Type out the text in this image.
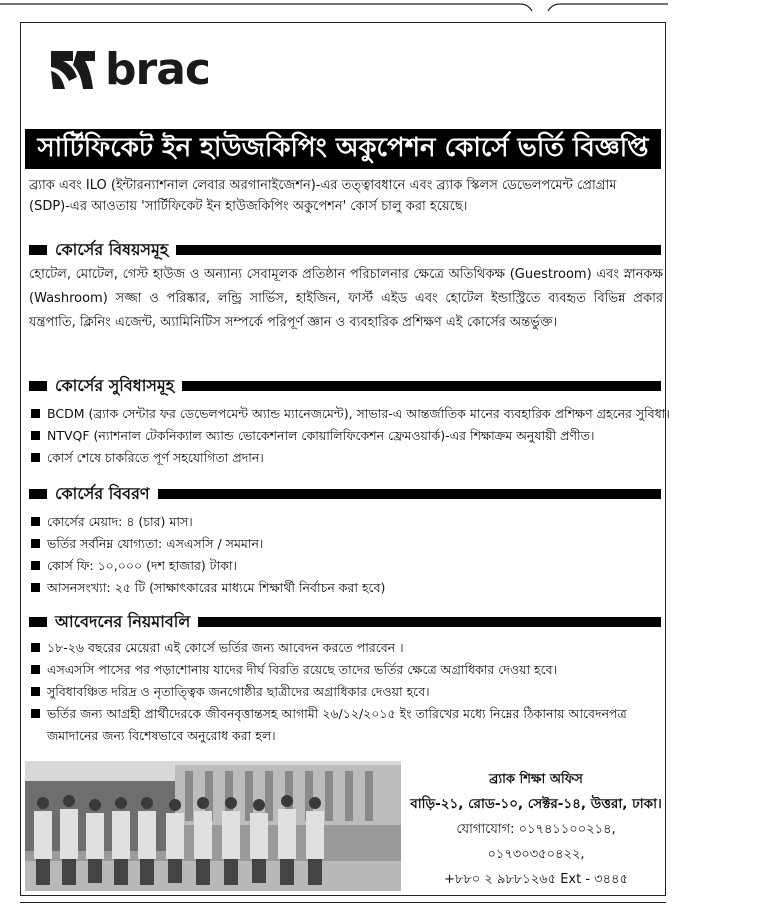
brac
সার্টিফিকেট ইন হাউজকিপিং অকুপেশন কোর্সে ভর্তি বিজ্ঞপ্তি
ব্র্যাক এবং ILO (ইন্টারন্যাশনাল লেবার অরগানাইজেশন)-এর তত্ত্বাবধানে এবং ব্র্যাক স্কিলস ডেভেলপমেন্ট প্রোগ্রাম (SDP)-এর আওতায় 'সার্টিফিকেট ইন হাউজকিপিং অকুপেশন' কোর্স চালু করা হয়েছে।
কোর্সের বিষয়সমূহ
হোটেল, মোটেল, গেস্ট হাউজ ও অন্যান্য সেবামূলক প্রতিষ্ঠান পরিচালনার ক্ষেত্রে অতিথিকক্ষ (Guestroom) এবং স্নানকক্ষ (Washroom) সজ্জা ও পরিষ্কার, লন্ড্রি সার্ভিস, হাইজিন, ফার্স্ট এইড এবং হোটেল ইন্ডাস্ট্রিতে ব্যবহৃত বিভিন্ন প্রকার যন্ত্রপাতি, ক্লিনিং এজেন্ট, অ্যামিনিটিস সম্পর্কে পরিপূর্ণ জ্ঞান ও ব্যবহারিক প্রশিক্ষণ এই কোর্সের অন্তর্ভুক্ত।
কোর্সের সুবিধাসমূহ
BCDM (ব্র্যাক সেন্টার ফর ডেভেলপমেন্ট অ্যান্ড ম্যানেজমেন্ট), সাভার-এ আন্তর্জাতিক মানের ব্যবহারিক প্রশিক্ষণ গ্রহনের সুবিধা।
NTVQF (ন্যাশনাল টেকনিক্যাল অ্যান্ড ভোকেশনাল কোয়ালিফিকেশন ফ্রেমওয়ার্ক)-এর শিক্ষাক্রম অনুযায়ী প্রণীত।
কোর্স শেষে চাকরিতে পূর্ণ সহযোগিতা প্রদান।
কোর্সের বিবরণ
কোর্সের মেয়াদ: ৪ (চার) মাস।
ভর্তির সর্বনিম্ন যোগ্যতা: এসএসসি / সমমান।
কোর্স ফি: ১০,০০০ (দশ হাজার) টাকা।
আসনসংখ্যা: ২৫ টি (সাক্ষাৎকারের মাধ্যমে শিক্ষার্থী নির্বাচন করা হবে)
আবেদনের নিয়মাবলি
১৮-২৬ বছরের মেয়েরা এই কোর্সে ভর্তির জন্য আবেদন করতে পারবেন ।
এসএসসি পাসের পর পড়াশোনায় যাদের দীর্ঘ বিরতি রয়েছে তাদের ভর্তির ক্ষেত্রে অগ্রাধিকার দেওয়া হবে।
সুবিধাবঞ্চিত দরিদ্র ও নৃতাত্ত্বিক জনগোষ্ঠীর ছাত্রীদের অগ্রাধিকার দেওয়া হবে।
ভর্তির জন্য আগ্রহী প্রার্থীদেরকে জীবনবৃত্তান্তসহ আগামী ২৬/১২/২০১৫ ইং তারিখের মধ্যে নিম্নের ঠিকানায় আবেদনপত্র জমাদানের জন্য বিশেষভাবে অনুরোধ করা হল।
ব্র্যাক শিক্ষা অফিস
বাড়ি-২১, রোড-১০, সেক্টর-১৪, উত্তরা, ঢাকা।
যোগাযোগ: ০১৭৪১১০০২১৪, ০১৭৩০৩৫০৪২২,
+৮৮০ ২ ৯৮৮১২৬৫ Ext - ৩৪৪৫
